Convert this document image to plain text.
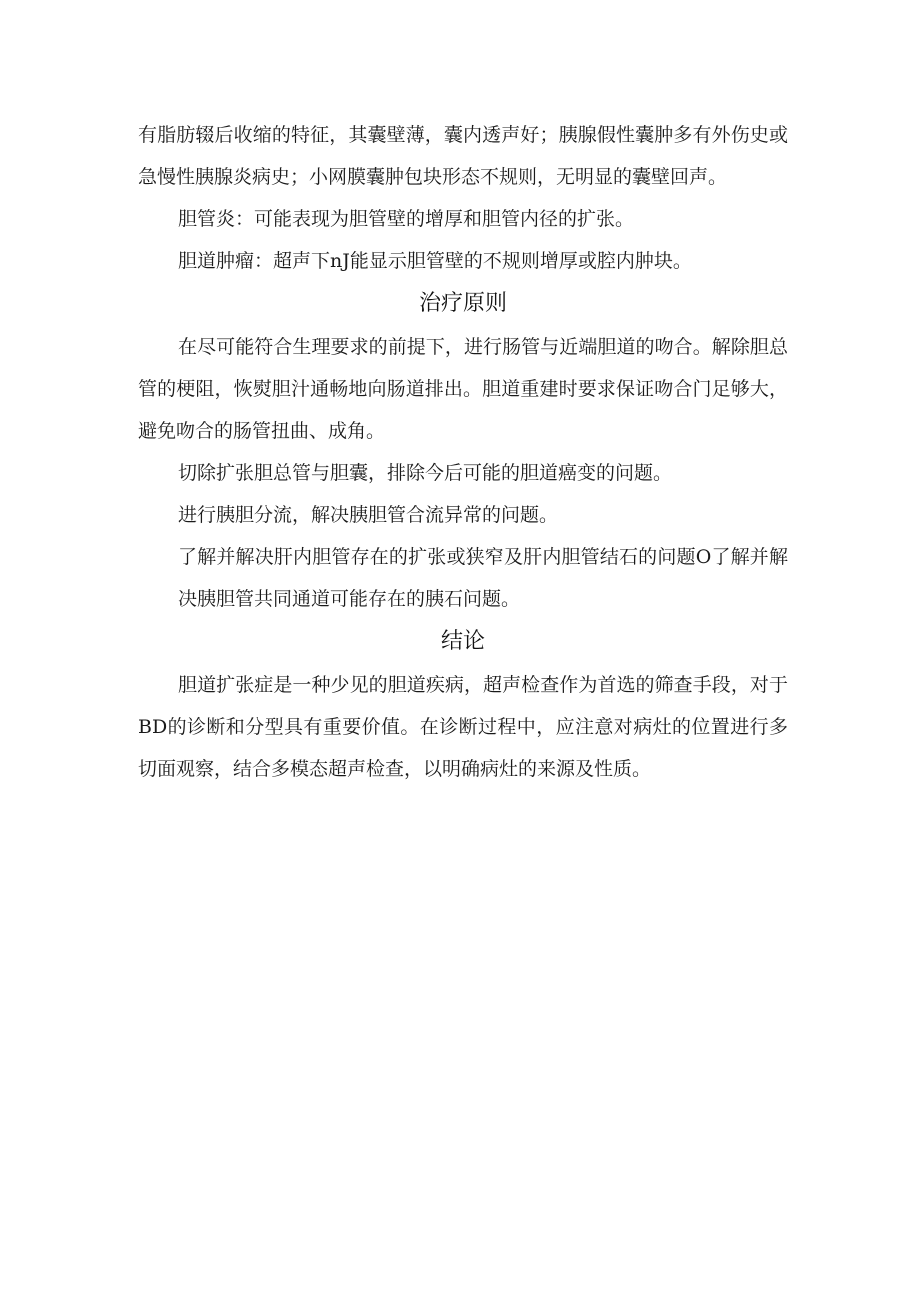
有脂肪辍后收缩的特征，其囊壁薄，囊内透声好；胰腺假性囊肿多有外伤史或急慢性胰腺炎病史；小网膜囊肿包块形态不规则，无明显的囊壁回声。

胆管炎：可能表现为胆管壁的增厚和胆管内径的扩张。

胆道肿瘤：超声下nJ能显示胆管壁的不规则增厚或腔内肿块。

治疗原则

在尽可能符合生理要求的前提下，进行肠管与近端胆道的吻合。解除胆总管的梗阻，恢熨胆汁通畅地向肠道排出。胆道重建时要求保证吻合门足够大，避免吻合的肠管扭曲、成角。

切除扩张胆总管与胆囊，排除今后可能的胆道癌变的问题。

进行胰胆分流，解决胰胆管合流异常的问题。

了解并解决肝内胆管存在的扩张或狭窄及肝内胆管结石的问题O了解并解决胰胆管共同通道可能存在的胰石问题。

结论

胆道扩张症是一种少见的胆道疾病，超声检查作为首选的筛查手段，对于BD的诊断和分型具有重要价值。在诊断过程中，应注意对病灶的位置进行多切面观察，结合多模态超声检查，以明确病灶的来源及性质。
